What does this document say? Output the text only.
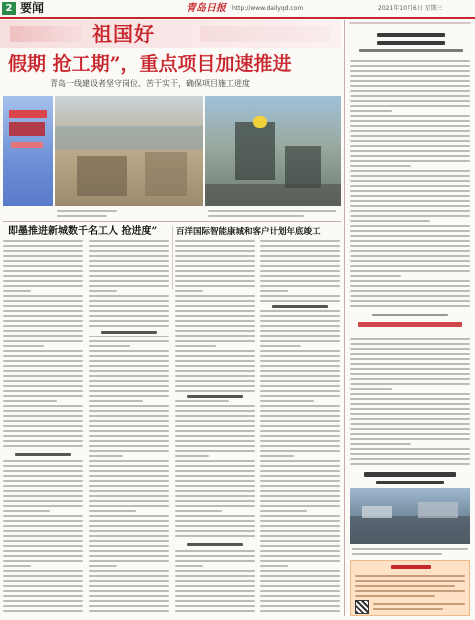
2 要闻	青岛日报 http://www.dailyqd.com	2021年10月6日 星期三
祖国好
假期 抢工期”，重点项目加速推进
青岛一线建设者坚守岗位、苦干实干，确保项目施工进度
即墨推进新城数千名工人 抢进度”	百洋国际智能康城和客户计划年底竣工
